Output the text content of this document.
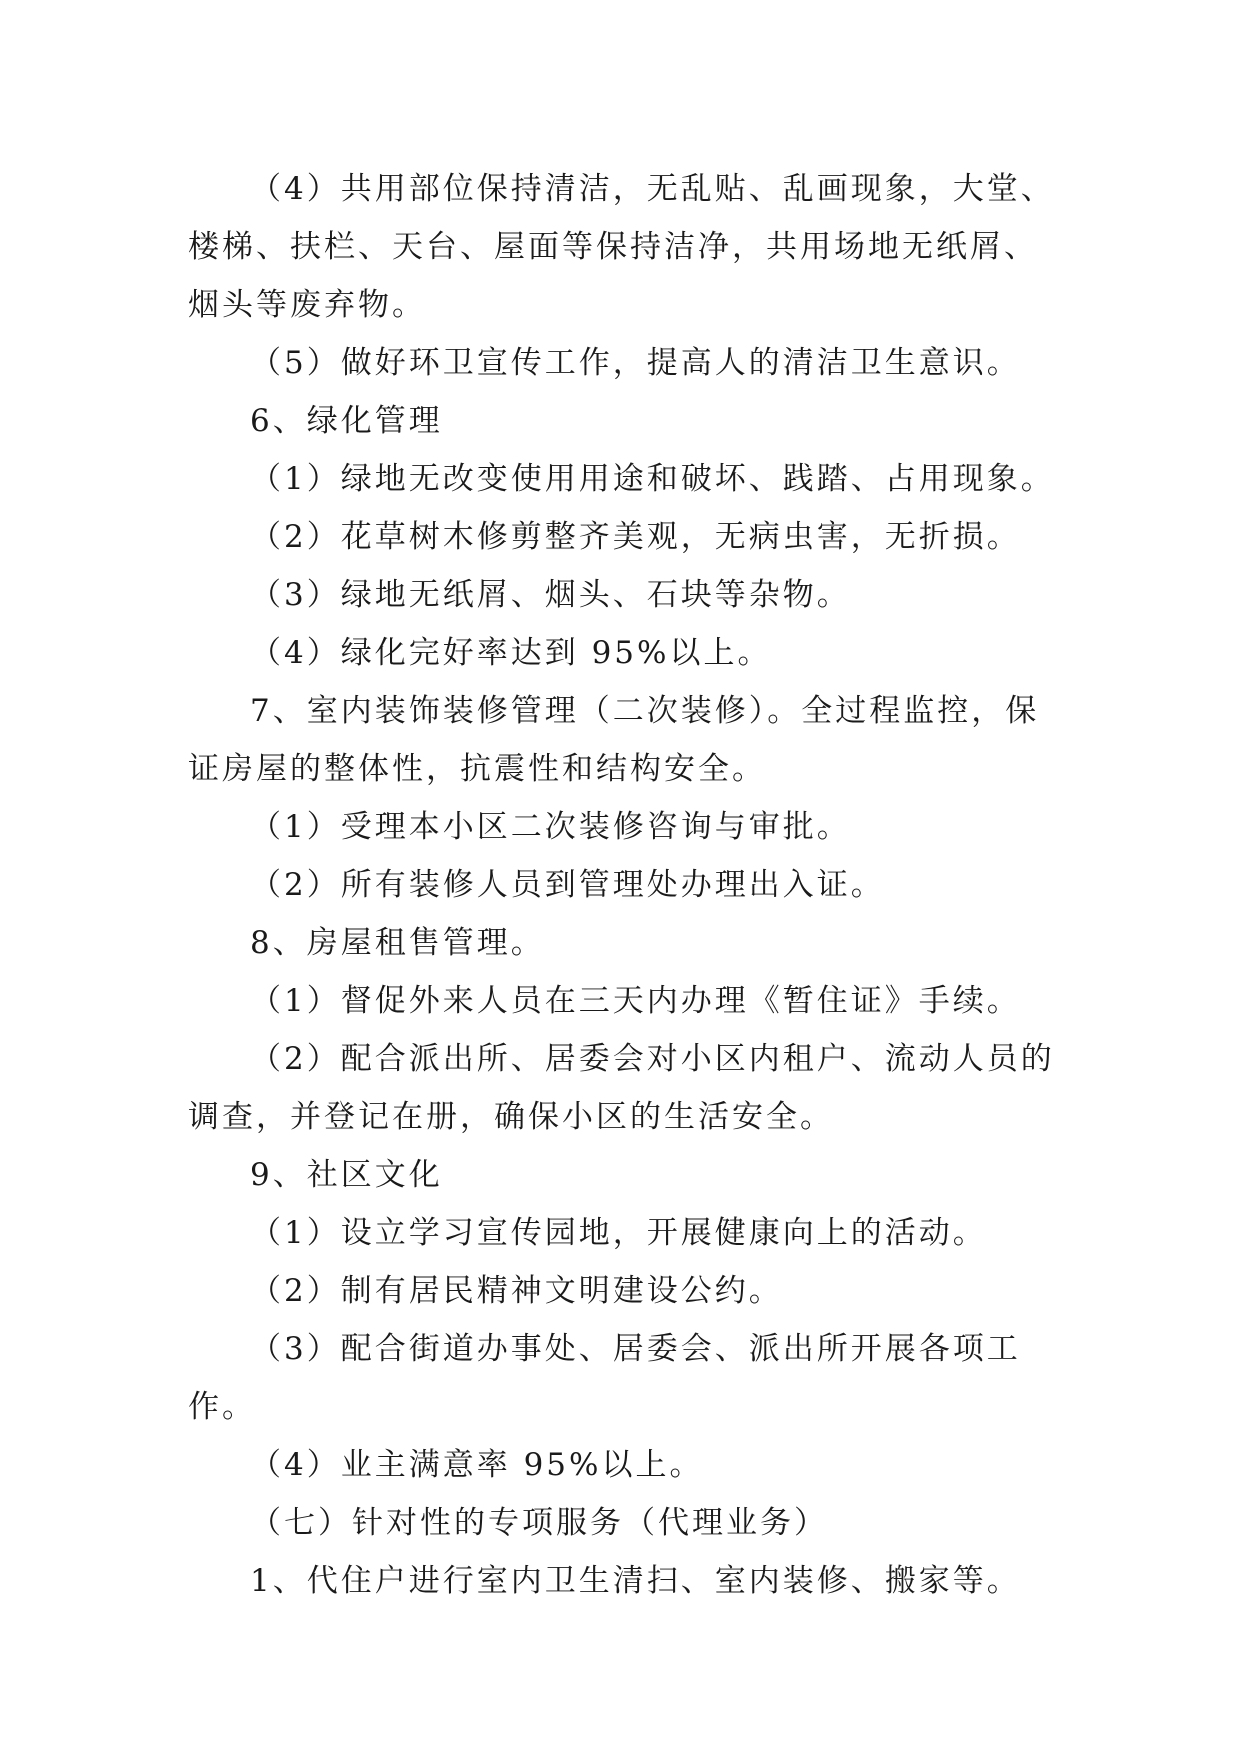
（4）共用部位保持清洁，无乱贴、乱画现象，大堂、楼梯、扶栏、天台、屋面等保持洁净，共用场地无纸屑、烟头等废弃物。

（5）做好环卫宣传工作，提高人的清洁卫生意识。

6、绿化管理

（1）绿地无改变使用用途和破坏、践踏、占用现象。

（2）花草树木修剪整齐美观，无病虫害，无折损。

（3）绿地无纸屑、烟头、石块等杂物。

（4）绿化完好率达到 95%以上。

7、室内装饰装修管理（二次装修）。全过程监控，保证房屋的整体性，抗震性和结构安全。

（1）受理本小区二次装修咨询与审批。

（2）所有装修人员到管理处办理出入证。

8、房屋租售管理。

（1）督促外来人员在三天内办理《暂住证》手续。

（2）配合派出所、居委会对小区内租户、流动人员的调查，并登记在册，确保小区的生活安全。

9、社区文化

（1）设立学习宣传园地，开展健康向上的活动。

（2）制有居民精神文明建设公约。

（3）配合街道办事处、居委会、派出所开展各项工作。

（4）业主满意率 95%以上。

（七）针对性的专项服务（代理业务）

1、代住户进行室内卫生清扫、室内装修、搬家等。
